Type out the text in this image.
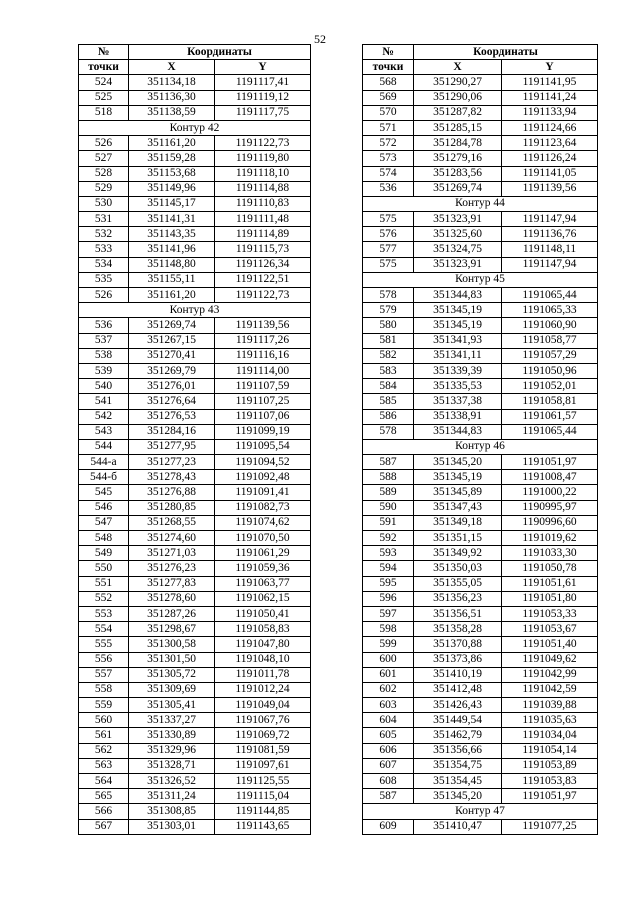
52
№	Координаты	
точки	X	Y
524	351134,18	1191117,41
525	351136,30	1191119,12
518	351138,59	1191117,75
Контур 42		
526	351161,20	1191122,73
527	351159,28	1191119,80
528	351153,68	1191118,10
529	351149,96	1191114,88
530	351145,17	1191110,83
531	351141,31	1191111,48
532	351143,35	1191114,89
533	351141,96	1191115,73
534	351148,80	1191126,34
535	351155,11	1191122,51
526	351161,20	1191122,73
Контур 43		
536	351269,74	1191139,56
537	351267,15	1191117,26
538	351270,41	1191116,16
539	351269,79	1191114,00
540	351276,01	1191107,59
541	351276,64	1191107,25
542	351276,53	1191107,06
543	351284,16	1191099,19
544	351277,95	1191095,54
544-а	351277,23	1191094,52
544-б	351278,43	1191092,48
545	351276,88	1191091,41
546	351280,85	1191082,73
547	351268,55	1191074,62
548	351274,60	1191070,50
549	351271,03	1191061,29
550	351276,23	1191059,36
551	351277,83	1191063,77
552	351278,60	1191062,15
553	351287,26	1191050,41
554	351298,67	1191058,83
555	351300,58	1191047,80
556	351301,50	1191048,10
557	351305,72	1191011,78
558	351309,69	1191012,24
559	351305,41	1191049,04
560	351337,27	1191067,76
561	351330,89	1191069,72
562	351329,96	1191081,59
563	351328,71	1191097,61
564	351326,52	1191125,55
565	351311,24	1191115,04
566	351308,85	1191144,85
567	351303,01	1191143,65
№	Координаты	
точки	X	Y
568	351290,27	1191141,95
569	351290,06	1191141,24
570	351287,82	1191133,94
571	351285,15	1191124,66
572	351284,78	1191123,64
573	351279,16	1191126,24
574	351283,56	1191141,05
536	351269,74	1191139,56
Контур 44		
575	351323,91	1191147,94
576	351325,60	1191136,76
577	351324,75	1191148,11
575	351323,91	1191147,94
Контур 45		
578	351344,83	1191065,44
579	351345,19	1191065,33
580	351345,19	1191060,90
581	351341,93	1191058,77
582	351341,11	1191057,29
583	351339,39	1191050,96
584	351335,53	1191052,01
585	351337,38	1191058,81
586	351338,91	1191061,57
578	351344,83	1191065,44
Контур 46		
587	351345,20	1191051,97
588	351345,19	1191008,47
589	351345,89	1191000,22
590	351347,43	1190995,97
591	351349,18	1190996,60
592	351351,15	1191019,62
593	351349,92	1191033,30
594	351350,03	1191050,78
595	351355,05	1191051,61
596	351356,23	1191051,80
597	351356,51	1191053,33
598	351358,28	1191053,67
599	351370,88	1191051,40
600	351373,86	1191049,62
601	351410,19	1191042,99
602	351412,48	1191042,59
603	351426,43	1191039,88
604	351449,54	1191035,63
605	351462,79	1191034,04
606	351356,66	1191054,14
607	351354,75	1191053,89
608	351354,45	1191053,83
587	351345,20	1191051,97
Контур 47		
609	351410,47	1191077,25
